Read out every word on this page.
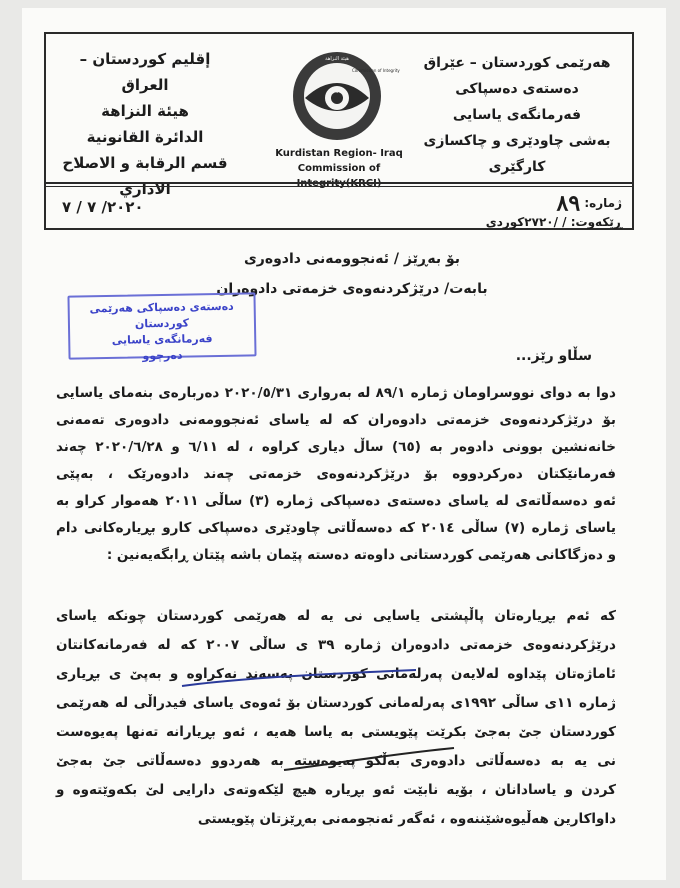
هەرێمی کوردستان – عێراق
دەستەی دەسپاکی
فەرمانگەی یاسایی
بەشی چاودێری و چاکسازی
کارگێری
هيئة النزاهة
Commission of Integrity
Kurdistan Region- Iraq
Commission of Integrity(KRCI)
إقليم كوردستان – العراق
هيئة النزاهة
الدائرة القانونية
قسم الرقابة و الاصلاح
الاداري
ژمارە: ٨٩
ڕێکەوت: / /٢٧٢٠كوردی
٢٠٢٠/ ٧ / ٧
بۆ بەڕێز / ئەنجوومەنی دادوەری
بابەت/ درێژکردنەوەی خزمەتی دادوەران
دەستەی دەسپاکی هەرێمی کوردستان
فەرمانگەی یاسایی
دەرچوو	سڵاو رێز...
دوا بە دوای نووسراومان ژمارە ٨٩/١ لە بەرواری ٢٠٢٠/٥/٣١ دەربارەی بنەمای یاسایی
بۆ درێژکردنەوەی خزمەتی دادوەران کە لە یاسای ئەنجوومەنی دادوەری تەمەنی
خانەنشین بوونی دادوەر بە (٦٥) ساڵ دیاری کراوە ، لە ٦/١١ و ٢٠٢٠/٦/٢٨ چەند
فەرمانێکتان دەرکردووە بۆ درێژکردنەوەی خزمەتی چەند دادوەرێک ، بەپێی
ئەو دەسەڵاتەی لە یاسای دەستەی دەسپاکی ژمارە (٣) ساڵی ٢٠١١ هەموار کراو بە
یاسای ژمارە (٧) ساڵی ٢٠١٤ کە دەسەڵاتی چاودێری دەسپاکی کارو بڕیارەکانی دام
و دەزگاکانی هەرێمی کوردستانی داوەتە دەستە پێمان باشە پێتان ڕابگەیەنین :
کە ئەم بڕیارەتان پاڵپشتی یاسایی نی یە لە هەرێمی کوردستان چونکە یاسای
درێژکردنەوەی خزمەتی دادوەران ژمارە ٣٩ ی ساڵی ٢٠٠٧ کە لە فەرمانەکانتان
ئاماژەتان پێداوە لەلایەن پەرلەمانی کوردستان پەسەند نەکراوە و بەپێ ی بڕیاری
ژمارە ١١ی ساڵی ١٩٩٢ی پەرلەمانی کوردستان بۆ ئەوەی یاسای فیدراڵی لە هەرێمی
کوردستان جێ بەجێ بکرێت پێویستی بە یاسا هەیە ، ئەو بڕیارانە تەنها پەیوەست
نی یە بە دەسەڵاتی دادوەری بەڵکو پەیوەستە بە هەردوو دەسەڵاتی جێ بەجێ
کردن و یاسادانان ، بۆیە نابێت ئەو بڕیارە هیچ لێکەوتەی دارایی لێ بکەوێتەوە و
داواکارین هەڵیوەشێننەوە ، ئەگەر ئەنجومەنی بەڕێزتان پێویستی
